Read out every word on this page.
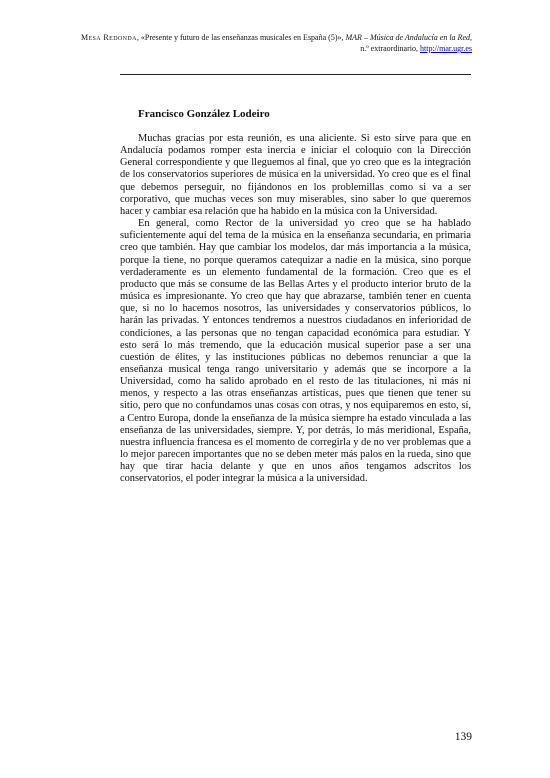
Mesa Redonda, «Presente y futuro de las enseñanzas musicales en España (5)», MAR – Música de Andalucía en la Red, n.º extraordinario, http://mar.ugr.es
Francisco González Lodeiro

Muchas gracias por esta reunión, es una aliciente. Si esto sirve para que en Andalucía podamos romper esta inercia e iniciar el coloquio con la Dirección General correspondiente y que lleguemos al final, que yo creo que es la integración de los conservatorios superiores de música en la universidad. Yo creo que es el final que debemos perseguir, no fijándonos en los problemillas como si va a ser corporativo, que muchas veces son muy miserables, sino saber lo que queremos hacer y cambiar esa relación que ha habido en la música con la Universidad.

En general, como Rector de la universidad yo creo que se ha hablado suficientemente aquí del tema de la música en la enseñanza secundaria, en primaria creo que también. Hay que cambiar los modelos, dar más importancia a la música, porque la tiene, no porque queramos catequizar a nadie en la música, sino porque verdaderamente es un elemento fundamental de la formación. Creo que es el producto que más se consume de las Bellas Artes y el producto interior bruto de la música es impresionante. Yo creo que hay que abrazarse, también tener en cuenta que, si no lo hacemos nosotros, las universidades y conservatorios públicos, lo harán las privadas. Y entonces tendremos a nuestros ciudadanos en inferioridad de condiciones, a las personas que no tengan capacidad económica para estudiar. Y esto será lo más tremendo, que la educación musical superior pase a ser una cuestión de élites, y las instituciones públicas no debemos renunciar a que la enseñanza musical tenga rango universitario y además que se incorpore a la Universidad, como ha salido aprobado en el resto de las titulaciones, ni más ni menos, y respecto a las otras enseñanzas artísticas, pues que tienen que tener su sitio, pero que no confundamos unas cosas con otras, y nos equiparemos en esto, sí, a Centro Europa, donde la enseñanza de la música siempre ha estado vinculada a las enseñanza de las universidades, siempre. Y, por detrás, lo más meridional, España, nuestra influencia francesa es el momento de corregirla y de no ver problemas que a lo mejor parecen importantes que no se deben meter más palos en la rueda, sino que hay que tirar hacia delante y que en unos años tengamos adscritos los conservatorios, el poder integrar la música a la universidad.

139
